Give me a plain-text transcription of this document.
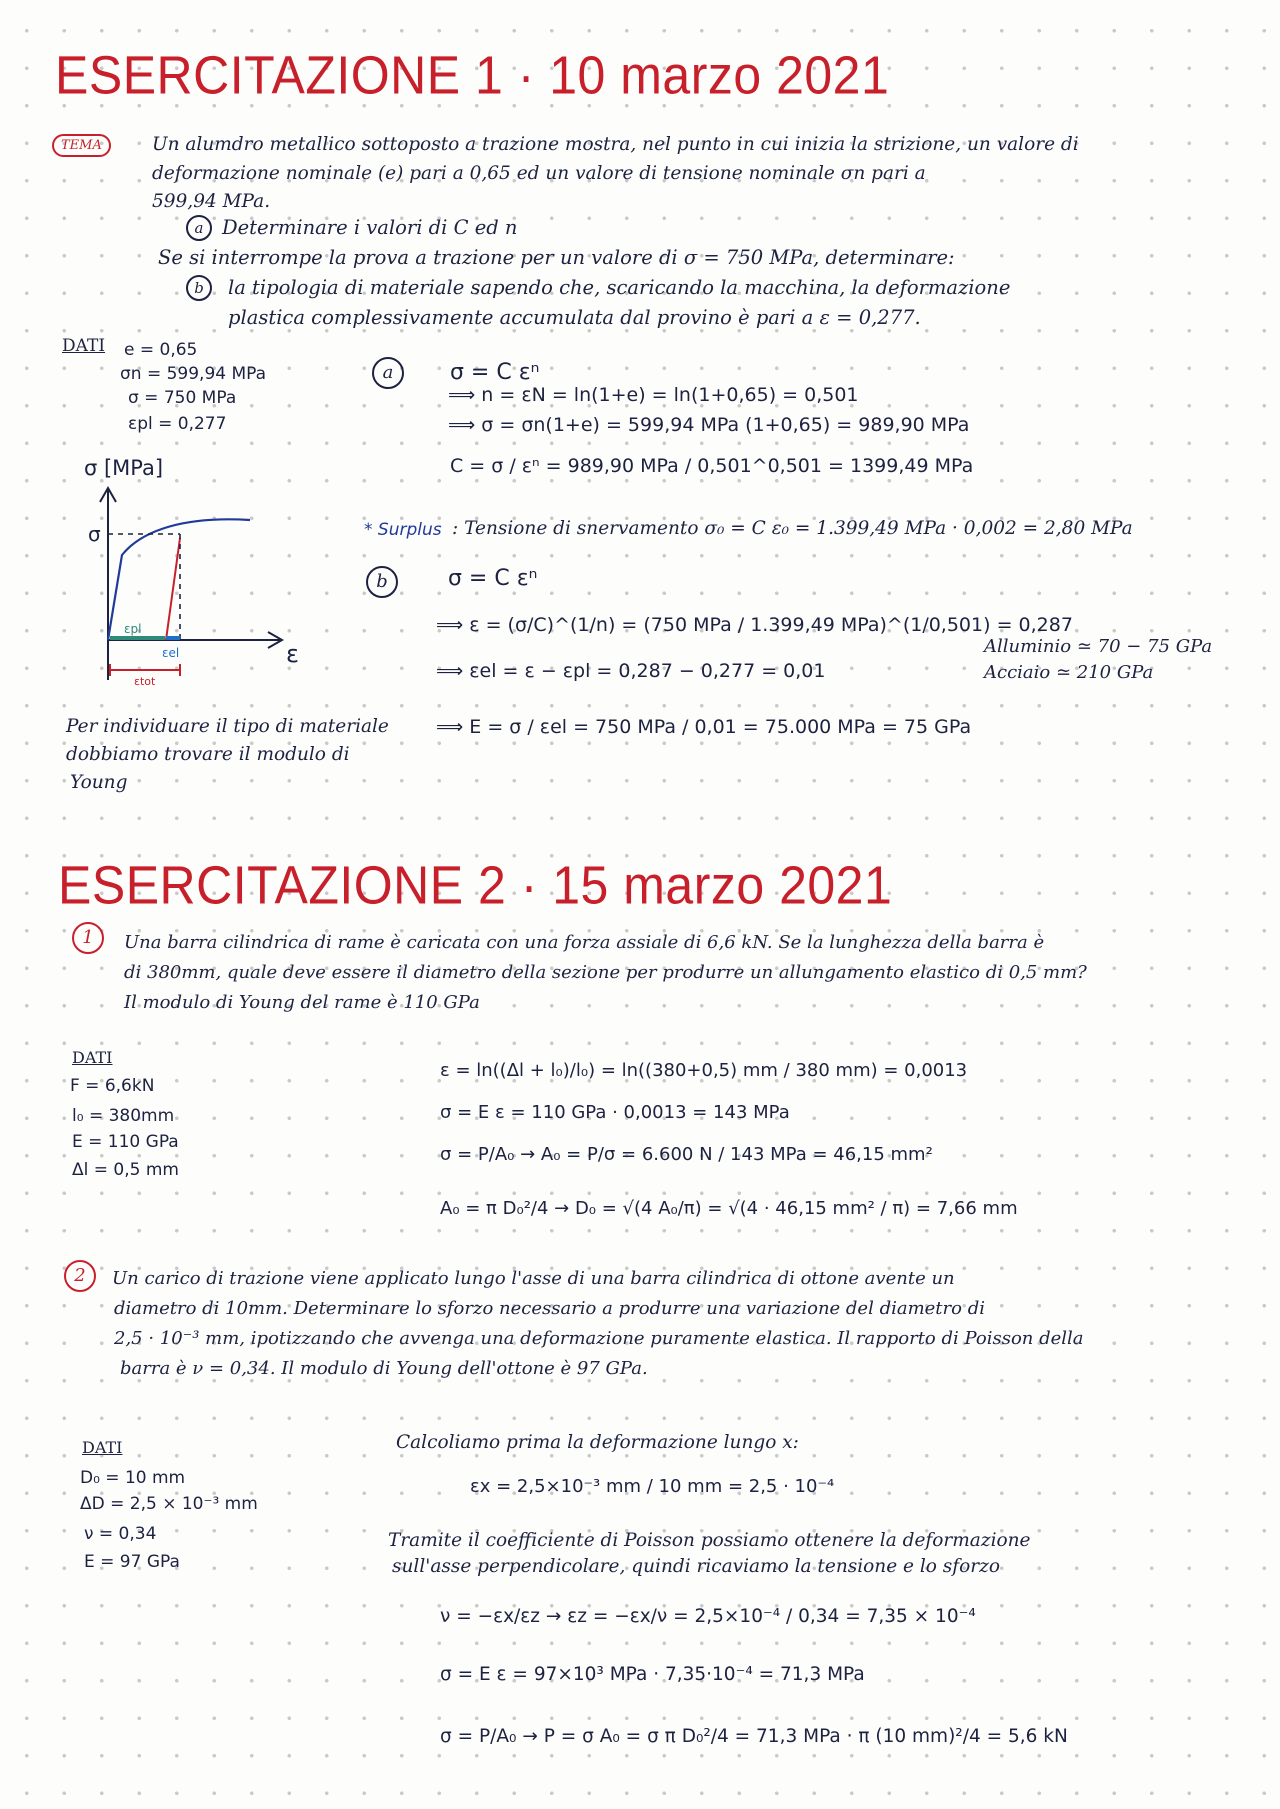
ESERCITAZIONE 1 · 10 marzo 2021
TEMA	Un alumdro metallico sottoposto a trazione mostra, nel punto in cui inizia la strizione, un valore di
deformazione nominale (e) pari a 0,65 ed un valore di tensione nominale σn pari a
599,94 MPa.
a Determinare i valori di C ed n
Se si interrompe la prova a trazione per un valore di σ = 750 MPa, determinare:
b	la tipologia di materiale sapendo che, scaricando la macchina, la deformazione
plastica complessivamente accumulata dal provino è pari a ε = 0,277.
DATI e = 0,65
σn = 599,94 MPa
σ = 750 MPa
εpl = 0,277
σ [MPa]
σ
ε
εpl
εel
εtot
a	σ = C εⁿ
⟹ n = εN = ln(1+e) = ln(1+0,65) = 0,501
⟹ σ = σn(1+e) = 599,94 MPa (1+0,65) = 989,90 MPa
C = σ / εⁿ = 989,90 MPa / 0,501^0,501 = 1399,49 MPa
* Surplus : Tensione di snervamento σ₀ = C ε₀ = 1.399,49 MPa · 0,002 = 2,80 MPa
b	σ = C εⁿ
⟹ ε = (σ/C)^(1/n) = (750 MPa / 1.399,49 MPa)^(1/0,501) = 0,287
⟹ εel = ε − εpl = 0,287 − 0,277 = 0,01
⟹ E = σ / εel = 750 MPa / 0,01 = 75.000 MPa = 75 GPa
Alluminio ≃ 70 − 75 GPa
Acciaio ≃ 210 GPa
Per individuare il tipo di materiale
dobbiamo trovare il modulo di
Young
ESERCITAZIONE 2 · 15 marzo 2021
1	Una barra cilindrica di rame è caricata con una forza assiale di 6,6 kN. Se la lunghezza della barra è
di 380mm, quale deve essere il diametro della sezione per produrre un allungamento elastico di 0,5 mm?
Il modulo di Young del rame è 110 GPa
DATI
F = 6,6kN
l₀ = 380mm
E = 110 GPa
Δl = 0,5 mm
ε = ln((Δl + l₀)/l₀) = ln((380+0,5) mm / 380 mm) = 0,0013
σ = E ε = 110 GPa · 0,0013 = 143 MPa
σ = P/A₀ → A₀ = P/σ = 6.600 N / 143 MPa = 46,15 mm²
A₀ = π D₀²/4 → D₀ = √(4 A₀/π) = √(4 · 46,15 mm² / π) = 7,66 mm
2	Un carico di trazione viene applicato lungo l'asse di una barra cilindrica di ottone avente un
diametro di 10mm. Determinare lo sforzo necessario a produrre una variazione del diametro di
2,5 · 10⁻³ mm, ipotizzando che avvenga una deformazione puramente elastica. Il rapporto di Poisson della
barra è ν = 0,34. Il modulo di Young dell'ottone è 97 GPa.
DATI
D₀ = 10 mm
ΔD = 2,5 × 10⁻³ mm
ν = 0,34
E = 97 GPa
Calcoliamo prima la deformazione lungo x:
εx = 2,5×10⁻³ mm / 10 mm = 2,5 · 10⁻⁴
Tramite il coefficiente di Poisson possiamo ottenere la deformazione
sull'asse perpendicolare, quindi ricaviamo la tensione e lo sforzo
ν = −εx/εz → εz = −εx/ν = 2,5×10⁻⁴ / 0,34 = 7,35 × 10⁻⁴
σ = E ε = 97×10³ MPa · 7,35·10⁻⁴ = 71,3 MPa
σ = P/A₀ → P = σ A₀ = σ π D₀²/4 = 71,3 MPa · π (10 mm)²/4 = 5,6 kN
